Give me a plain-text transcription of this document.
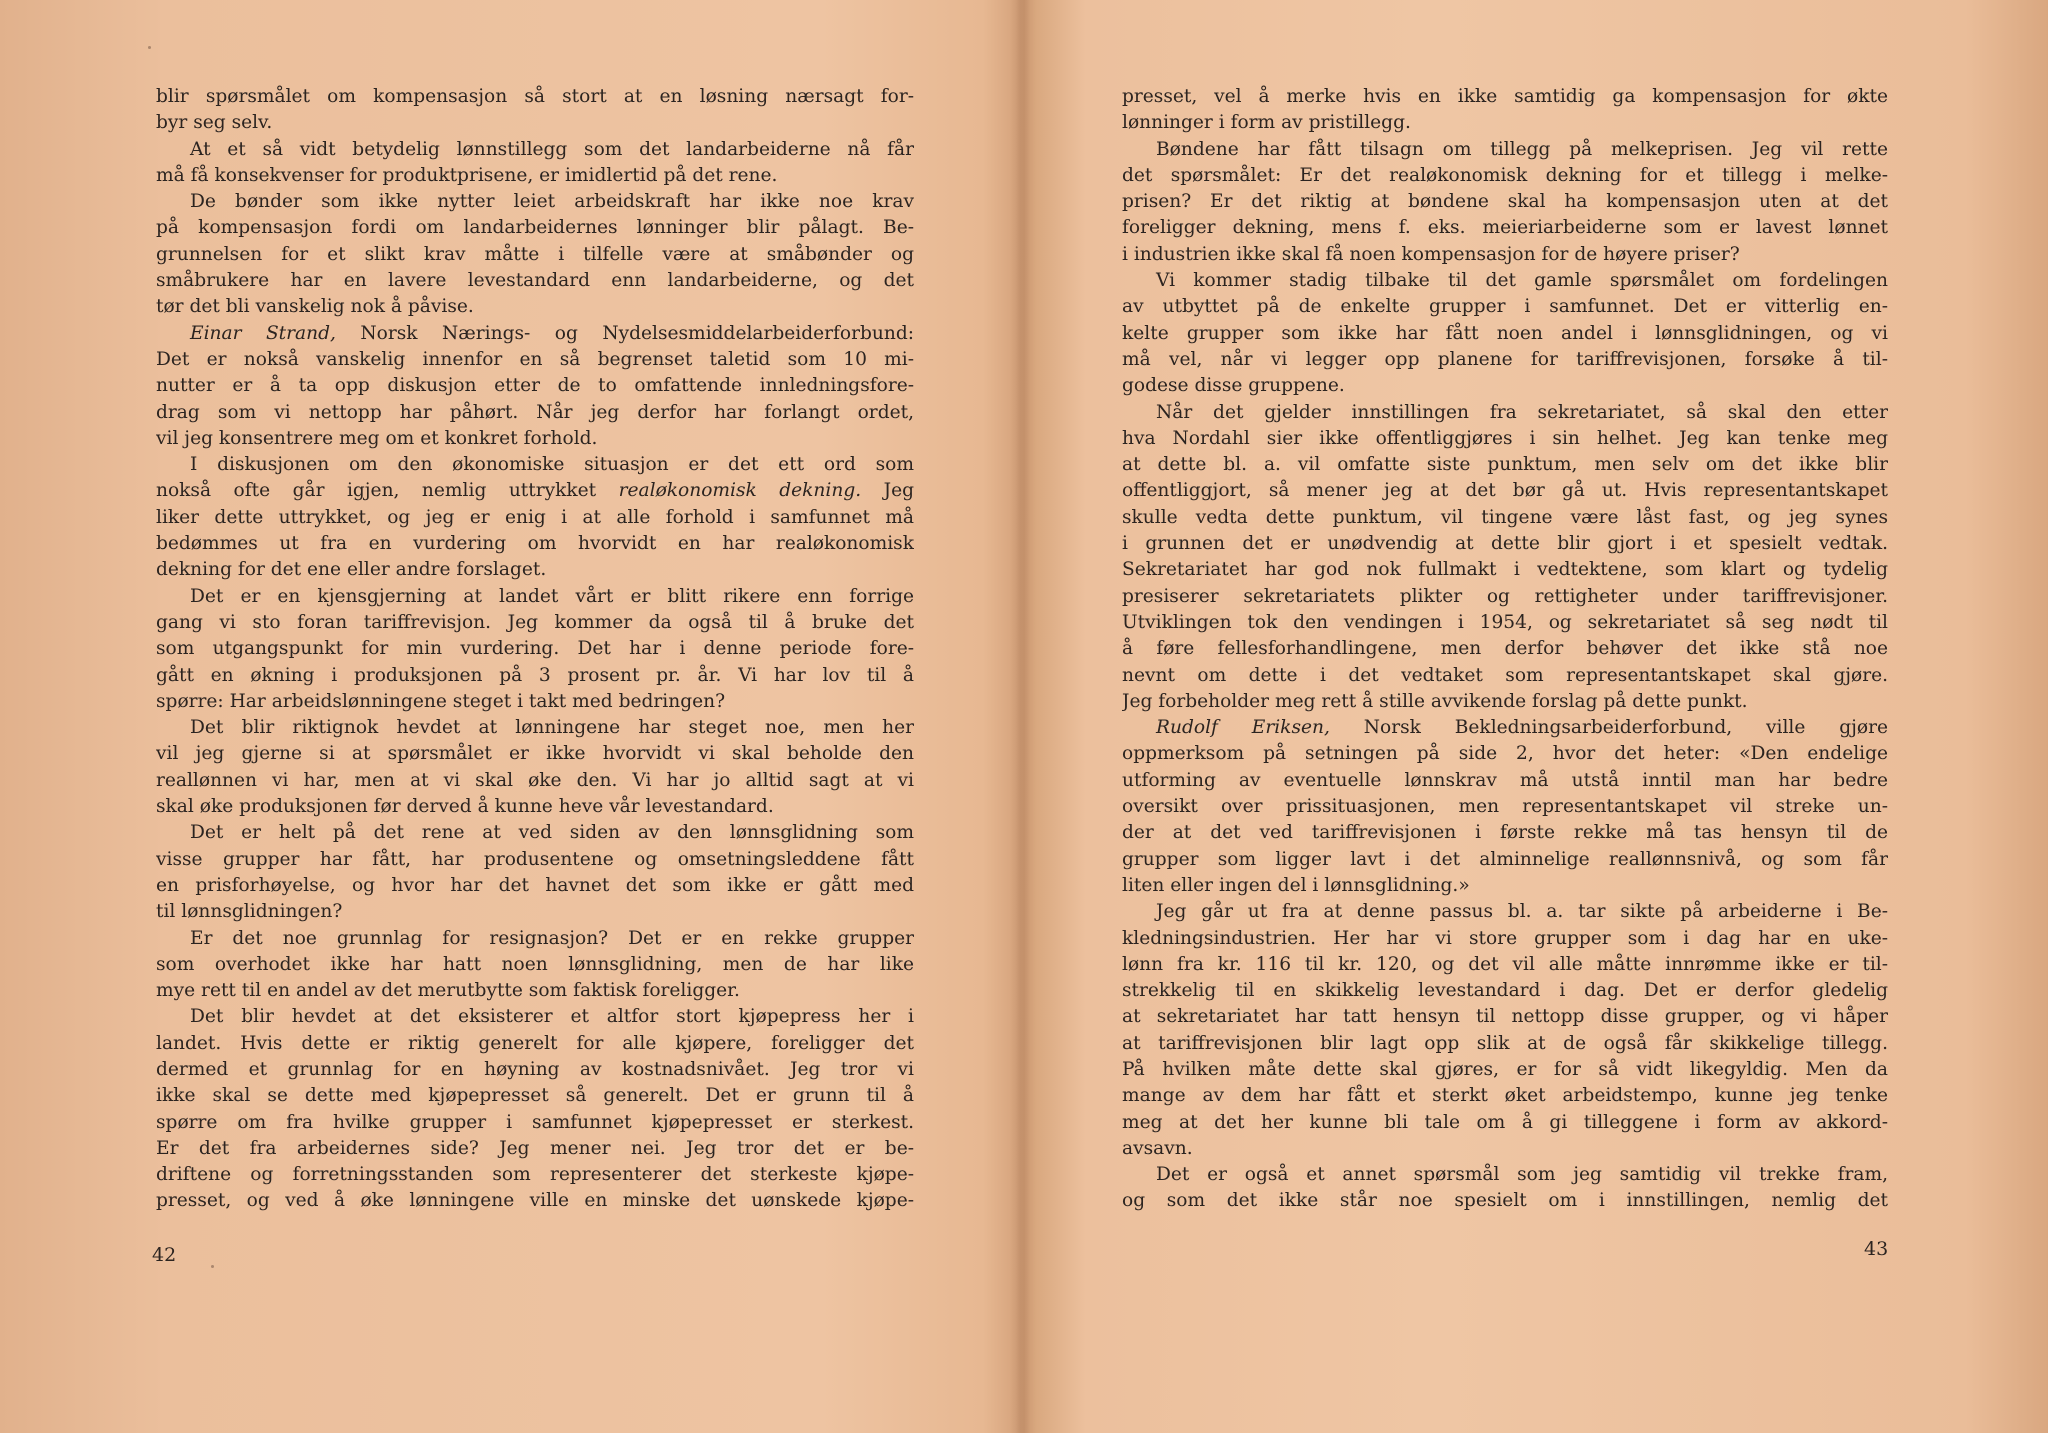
blir spørsmålet om kompensasjon så stort at en løsning nærsagt for-
byr seg selv.
At et så vidt betydelig lønnstillegg som det landarbeiderne nå får
må få konsekvenser for produktprisene, er imidlertid på det rene.
De bønder som ikke nytter leiet arbeidskraft har ikke noe krav
på kompensasjon fordi om landarbeidernes lønninger blir pålagt. Be-
grunnelsen for et slikt krav måtte i tilfelle være at småbønder og
småbrukere har en lavere levestandard enn landarbeiderne, og det
tør det bli vanskelig nok å påvise.
Einar Strand, Norsk Nærings- og Nydelsesmiddelarbeiderforbund:
Det er nokså vanskelig innenfor en så begrenset taletid som 10 mi-
nutter er å ta opp diskusjon etter de to omfattende innledningsfore-
drag som vi nettopp har påhørt. Når jeg derfor har forlangt ordet,
vil jeg konsentrere meg om et konkret forhold.
I diskusjonen om den økonomiske situasjon er det ett ord som
nokså ofte går igjen, nemlig uttrykket realøkonomisk dekning. Jeg
liker dette uttrykket, og jeg er enig i at alle forhold i samfunnet må
bedømmes ut fra en vurdering om hvorvidt en har realøkonomisk
dekning for det ene eller andre forslaget.
Det er en kjensgjerning at landet vårt er blitt rikere enn forrige
gang vi sto foran tariffrevisjon. Jeg kommer da også til å bruke det
som utgangspunkt for min vurdering. Det har i denne periode fore-
gått en økning i produksjonen på 3 prosent pr. år. Vi har lov til å
spørre: Har arbeidslønningene steget i takt med bedringen?
Det blir riktignok hevdet at lønningene har steget noe, men her
vil jeg gjerne si at spørsmålet er ikke hvorvidt vi skal beholde den
reallønnen vi har, men at vi skal øke den. Vi har jo alltid sagt at vi
skal øke produksjonen før derved å kunne heve vår levestandard.
Det er helt på det rene at ved siden av den lønnsglidning som
visse grupper har fått, har produsentene og omsetningsleddene fått
en prisforhøyelse, og hvor har det havnet det som ikke er gått med
til lønnsglidningen?
Er det noe grunnlag for resignasjon? Det er en rekke grupper
som overhodet ikke har hatt noen lønnsglidning, men de har like
mye rett til en andel av det merutbytte som faktisk foreligger.
Det blir hevdet at det eksisterer et altfor stort kjøpepress her i
landet. Hvis dette er riktig generelt for alle kjøpere, foreligger det
dermed et grunnlag for en høyning av kostnadsnivået. Jeg tror vi
ikke skal se dette med kjøpepresset så generelt. Det er grunn til å
spørre om fra hvilke grupper i samfunnet kjøpepresset er sterkest.
Er det fra arbeidernes side? Jeg mener nei. Jeg tror det er be-
driftene og forretningsstanden som representerer det sterkeste kjøpe-
presset, og ved å øke lønningene ville en minske det uønskede kjøpe-
presset, vel å merke hvis en ikke samtidig ga kompensasjon for økte
lønninger i form av pristillegg.
Bøndene har fått tilsagn om tillegg på melkeprisen. Jeg vil rette
det spørsmålet: Er det realøkonomisk dekning for et tillegg i melke-
prisen? Er det riktig at bøndene skal ha kompensasjon uten at det
foreligger dekning, mens f. eks. meieriarbeiderne som er lavest lønnet
i industrien ikke skal få noen kompensasjon for de høyere priser?
Vi kommer stadig tilbake til det gamle spørsmålet om fordelingen
av utbyttet på de enkelte grupper i samfunnet. Det er vitterlig en-
kelte grupper som ikke har fått noen andel i lønnsglidningen, og vi
må vel, når vi legger opp planene for tariffrevisjonen, forsøke å til-
godese disse gruppene.
Når det gjelder innstillingen fra sekretariatet, så skal den etter
hva Nordahl sier ikke offentliggjøres i sin helhet. Jeg kan tenke meg
at dette bl. a. vil omfatte siste punktum, men selv om det ikke blir
offentliggjort, så mener jeg at det bør gå ut. Hvis representantskapet
skulle vedta dette punktum, vil tingene være låst fast, og jeg synes
i grunnen det er unødvendig at dette blir gjort i et spesielt vedtak.
Sekretariatet har god nok fullmakt i vedtektene, som klart og tydelig
presiserer sekretariatets plikter og rettigheter under tariffrevisjoner.
Utviklingen tok den vendingen i 1954, og sekretariatet så seg nødt til
å føre fellesforhandlingene, men derfor behøver det ikke stå noe
nevnt om dette i det vedtaket som representantskapet skal gjøre.
Jeg forbeholder meg rett å stille avvikende forslag på dette punkt.
Rudolf Eriksen, Norsk Bekledningsarbeiderforbund, ville gjøre
oppmerksom på setningen på side 2, hvor det heter: «Den endelige
utforming av eventuelle lønnskrav må utstå inntil man har bedre
oversikt over prissituasjonen, men representantskapet vil streke un-
der at det ved tariffrevisjonen i første rekke må tas hensyn til de
grupper som ligger lavt i det alminnelige reallønnsnivå, og som får
liten eller ingen del i lønnsglidning.»
Jeg går ut fra at denne passus bl. a. tar sikte på arbeiderne i Be-
kledningsindustrien. Her har vi store grupper som i dag har en uke-
lønn fra kr. 116 til kr. 120, og det vil alle måtte innrømme ikke er til-
strekkelig til en skikkelig levestandard i dag. Det er derfor gledelig
at sekretariatet har tatt hensyn til nettopp disse grupper, og vi håper
at tariffrevisjonen blir lagt opp slik at de også får skikkelige tillegg.
På hvilken måte dette skal gjøres, er for så vidt likegyldig. Men da
mange av dem har fått et sterkt øket arbeidstempo, kunne jeg tenke
meg at det her kunne bli tale om å gi tilleggene i form av akkord-
avsavn.
Det er også et annet spørsmål som jeg samtidig vil trekke fram,
og som det ikke står noe spesielt om i innstillingen, nemlig det
42	43
